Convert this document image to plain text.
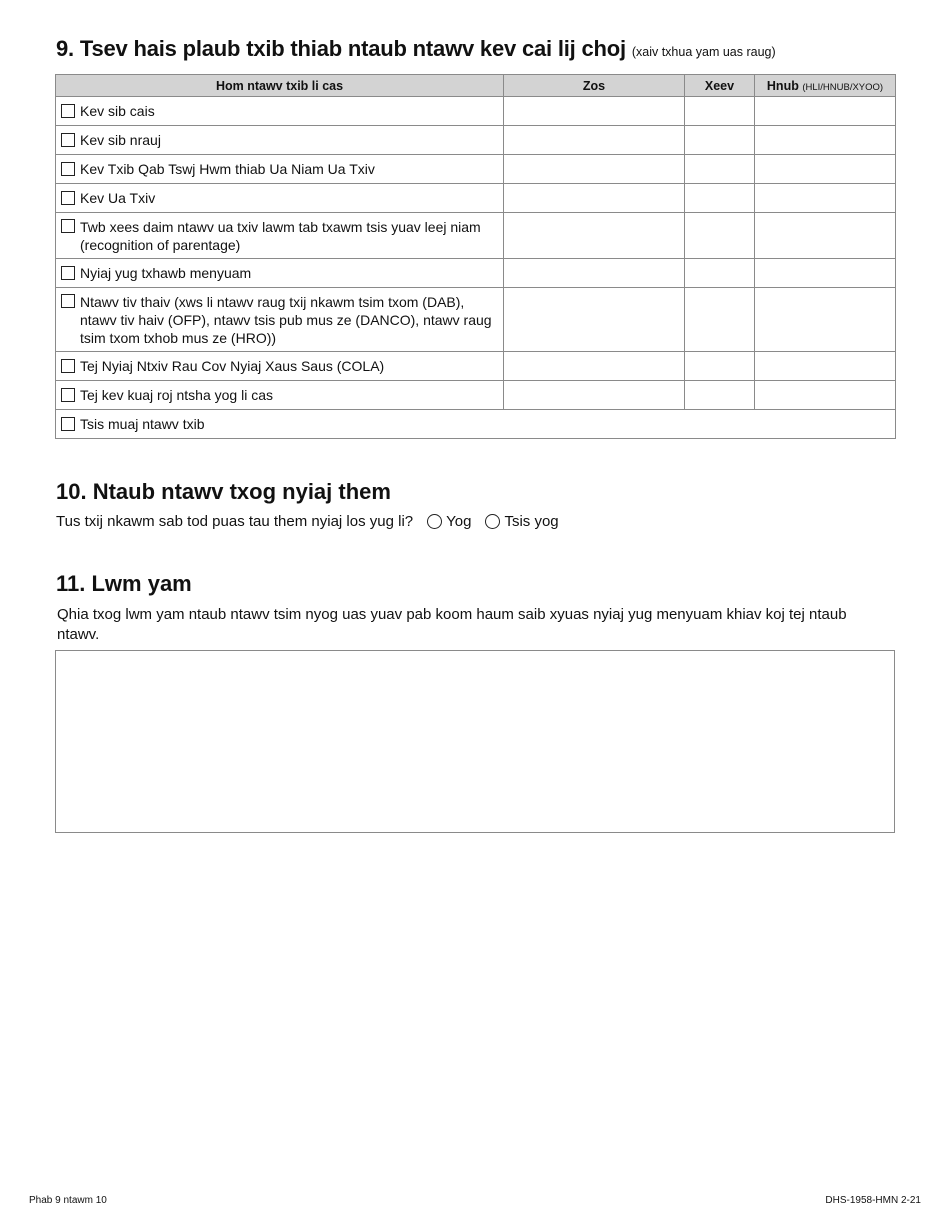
9. Tsev hais plaub txib thiab ntaub ntawv kev cai lij choj (xaiv txhua yam uas raug)
Hom ntawv txib li cas	Zos	Xeev	Hnub (HLI/HNUB/XYOO)

Kev sib cais			

Kev sib nrauj			

Kev Txib Qab Tswj Hwm thiab Ua Niam Ua Txiv			

Kev Ua Txiv			

Twb xees daim ntawv ua txiv lawm tab txawm tsis yuav leej niam (recognition of parentage)			

Nyiaj yug txhawb menyuam			

Ntawv tiv thaiv (xws li ntawv raug txij nkawm tsim txom (DAB), ntawv tiv haiv (OFP), ntawv tsis pub mus ze (DANCO), ntawv raug tsim txom txhob mus ze (HRO))			

Tej Nyiaj Ntxiv Rau Cov Nyiaj Xaus Saus (COLA)			

Tej kev kuaj roj ntsha yog li cas			

Tsis muaj ntawv txib			
10. Ntaub ntawv txog nyiaj them
Tus txij nkawm sab tod puas tau them nyiaj los yug li? Yog Tsis yog
11. Lwm yam
Qhia txog lwm yam ntaub ntawv tsim nyog uas yuav pab koom haum saib xyuas nyiaj yug menyuam khiav koj tej ntaub ntawv.
Phab 9 ntawm 10	DHS-1958-HMN 2-21
